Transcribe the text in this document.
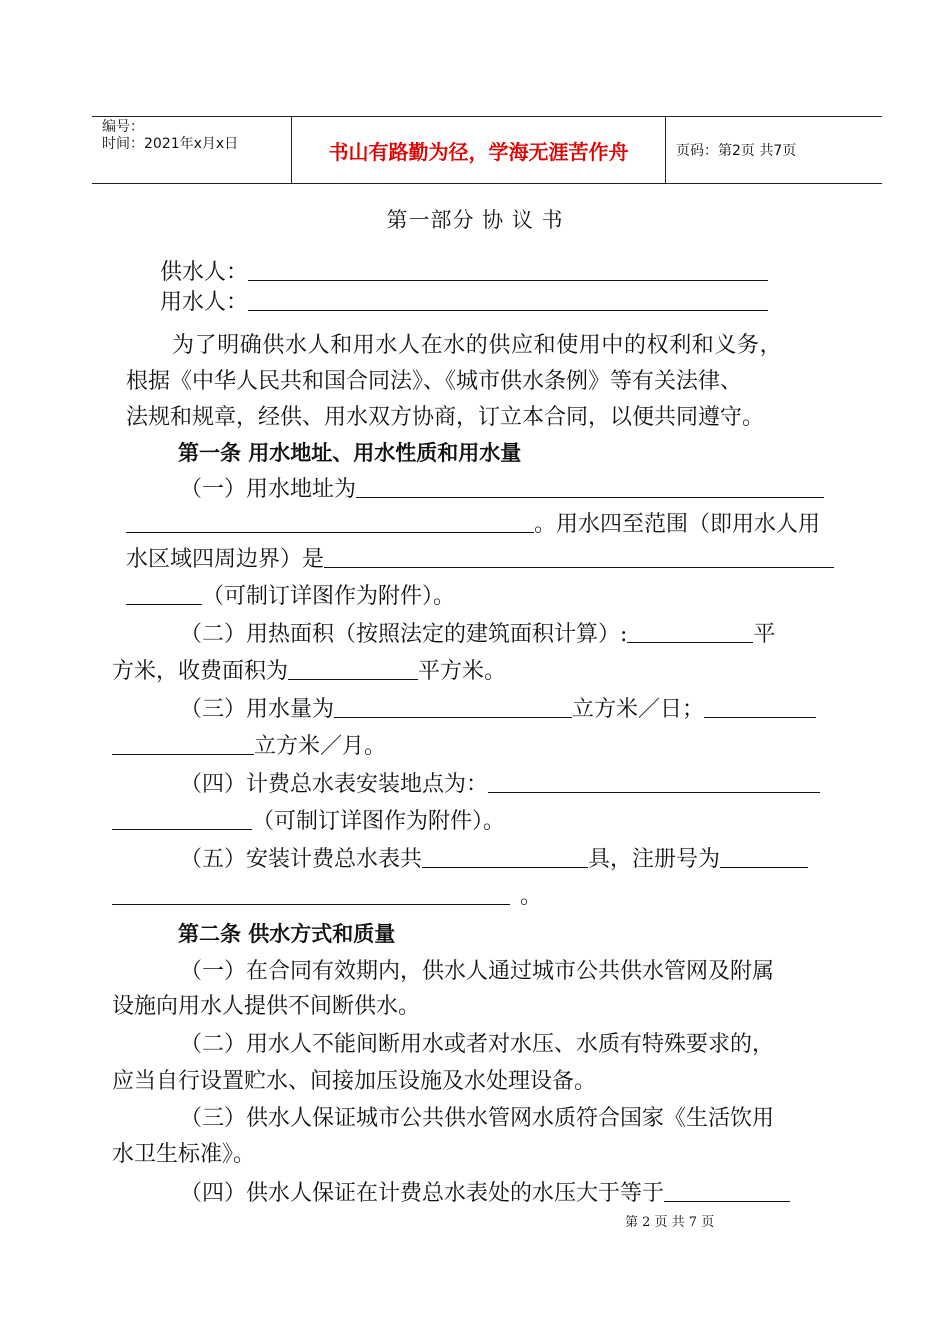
编号：
时间：2021年x月x日	书山有路勤为径，学海无涯苦作舟	页码：第2页 共7页
第一部分 协 议 书
供水人：
用水人：
为了明确供水人和用水人在水的供应和使用中的权利和义务，
根据《中华人民共和国合同法》、《城市供水条例》等有关法律、
法规和规章，经供、用水双方协商，订立本合同，以便共同遵守。
第一条 用水地址、用水性质和用水量
（一）用水地址为
。用水四至范围（即用水人用
水区域四周边界）是
（可制订详图作为附件）。
（二）用热面积（按照法定的建筑面积计算）:	平
方米，收费面积为	平方米。
（三）用水量为	立方米／日；
立方米／月。
（四）计费总水表安装地点为：
（可制订详图作为附件）。
（五）安装计费总水表共	具，注册号为
。
第二条 供水方式和质量
（一）在合同有效期内，供水人通过城市公共供水管网及附属
设施向用水人提供不间断供水。
（二）用水人不能间断用水或者对水压、水质有特殊要求的，
应当自行设置贮水、间接加压设施及水处理设备。
（三）供水人保证城市公共供水管网水质符合国家《生活饮用
水卫生标准》。
（四）供水人保证在计费总水表处的水压大于等于
第 2 页 共 7 页
